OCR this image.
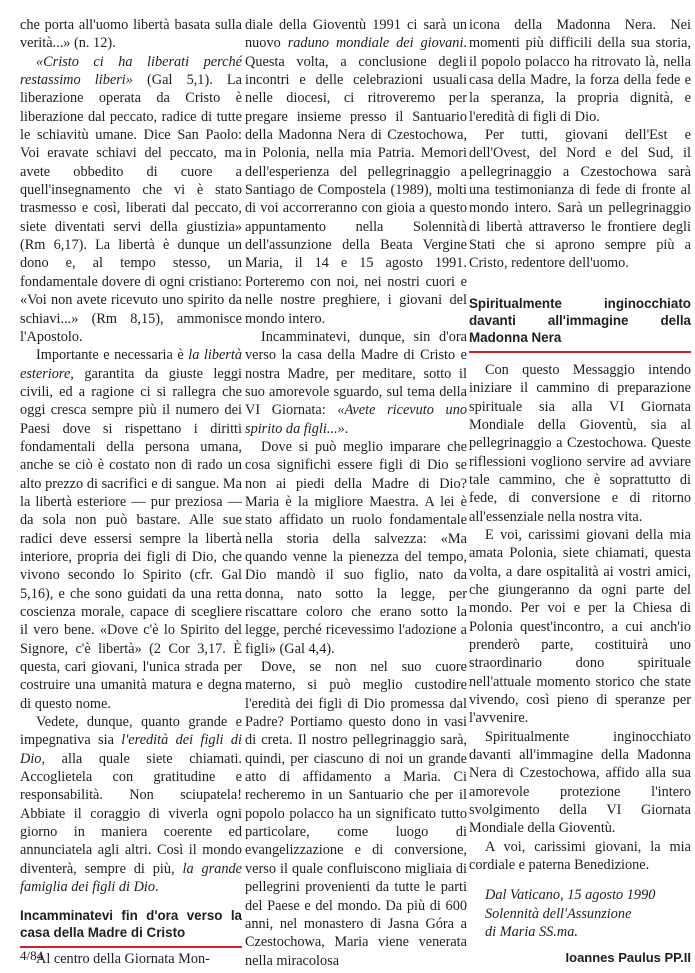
che porta all'uomo libertà basata sulla verità...» (n. 12).

«Cristo ci ha liberati perché restassimo liberi» (Gal 5,1). La liberazione operata da Cristo è liberazione dal peccato, radice di tutte le schiavitù umane. Dice San Paolo: Voi eravate schiavi del peccato, ma avete obbedito di cuore a quell'insegnamento che vi è stato trasmesso e così, liberati dal peccato, siete diventati servi della giustizia» (Rm 6,17). La libertà è dunque un dono e, al tempo stesso, un fondamentale dovere di ogni cristiano: «Voi non avete ricevuto uno spirito da schiavi...» (Rm 8,15), ammonisce l'Apostolo.

Importante e necessaria è la libertà esteriore, garantita da giuste leggi civili, ed a ragione ci si rallegra che oggi cresca sempre più il numero dei Paesi dove si rispettano i diritti fondamentali della persona umana, anche se ciò è costato non di rado un alto prezzo di sacrifici e di sangue. Ma la libertà esteriore — pur preziosa — da sola non può bastare. Alle sue radici deve essersi sempre la libertà interiore, propria dei figli di Dio, che vivono secondo lo Spirito (cfr. Gal 5,16), e che sono guidati da una retta coscienza morale, capace di scegliere il vero bene. «Dove c'è lo Spirito del Signore, c'è libertà» (2 Cor 3,17. È questa, cari giovani, l'unica strada per costruire una umanità matura e degna di questo nome.

Vedete, dunque, quanto grande e impegnativa sia l'eredità dei figli di Dio, alla quale siete chiamati. Accoglietela con gratitudine e responsabilità. Non sciupatela! Abbiate il coraggio di viverla ogni giorno in maniera coerente ed annunciatela agli altri. Così il mondo diventerà, sempre di più, la grande famiglia dei figli di Dio.

Incamminatevi fin d'ora verso la casa della Madre di Cristo

Al centro della Giornata Mon-

diale della Gioventù 1991 ci sarà un nuovo raduno mondiale dei giovani. Questa volta, a conclusione degli incontri e delle celebrazioni usuali nelle diocesi, ci ritroveremo per pregare insieme presso il Santuario della Madonna Nera di Czestochowa, in Polonia, nella mia Patria. Memori dell'esperienza del pellegrinaggio a Santiago de Compostela (1989), molti di voi accorreranno con gioia a questo appuntamento nella Solennità dell'assunzione della Beata Vergine Maria, il 14 e 15 agosto 1991. Porteremo con noi, nei nostri cuori e nelle nostre preghiere, i giovani del mondo intero.

Incamminatevi, dunque, sin d'ora verso la casa della Madre di Cristo e nostra Madre, per meditare, sotto il suo amorevole sguardo, sul tema della VI Giornata: «Avete ricevuto uno spirito da figli...».

Dove si può meglio imparare che cosa significhi essere figli di Dio se non ai piedi della Madre di Dio? Maria è la migliore Maestra. A lei è stato affidato un ruolo fondamentale nella storia della salvezza: «Ma quando venne la pienezza del tempo, Dio mandò il suo figlio, nato da donna, nato sotto la legge, per riscattare coloro che erano sotto la legge, perché ricevessimo l'adozione a figli» (Gal 4,4).

Dove, se non nel suo cuore materno, si può meglio custodire l'eredità dei figli di Dio promessa dal Padre? Portiamo questo dono in vasi di creta. Il nostro pellegrinaggio sarà, quindi, per ciascuno di noi un grande atto di affidamento a Maria. Ci recheremo in un Santuario che per il popolo polacco ha un significato tutto particolare, come luogo di evangelizzazione e di conversione, verso il quale confluiscono migliaia di pellegrini provenienti da tutte le parti del Paese e del mondo. Da più di 600 anni, nel monastero di Jasna Góra a Czestochowa, Maria viene venerata nella miracolosa

icona della Madonna Nera. Nei momenti più difficili della sua storia, il popolo polacco ha ritrovato là, nella casa della Madre, la forza della fede e la speranza, la propria dignità, e l'eredità di figli di Dio.

Per tutti, giovani dell'Est e dell'Ovest, del Nord e del Sud, il pellegrinaggio a Czestochowa sarà una testimonianza di fede di fronte al mondo intero. Sarà un pellegrinaggio di libertà attraverso le frontiere degli Stati che si aprono sempre più a Cristo, redentore dell'uomo.

Spiritualmente inginocchiato davanti all'immagine della Madonna Nera

Con questo Messaggio intendo iniziare il cammino di preparazione spirituale sia alla VI Giornata Mondiale della Gioventù, sia al pellegrinaggio a Czestochowa. Queste riflessioni vogliono servire ad avviare tale cammino, che è soprattutto di fede, di conversione e di ritorno all'essenziale nella nostra vita.

E voi, carissimi giovani della mia amata Polonia, siete chiamati, questa volta, a dare ospitalità ai vostri amici, che giungeranno da ogni parte del mondo. Per voi e per la Chiesa di Polonia quest'incontro, a cui anch'io prenderò parte, costituirà uno straordinario dono spirituale nell'attuale momento storico che state vivendo, così pieno di speranze per l'avvenire.

Spiritualmente inginocchiato davanti all'immagine della Madonna Nera di Czestochowa, affido alla sua amorevole protezione l'intero svolgimento della VI Giornata Mondiale della Gioventù.

A voi, carissimi giovani, la mia cordiale e paterna Benedizione.

Dal Vaticano, 15 agosto 1990

Solennità dell'Assunzione

di Maria SS.ma.

Ioannes Paulus PP.II

4/84
